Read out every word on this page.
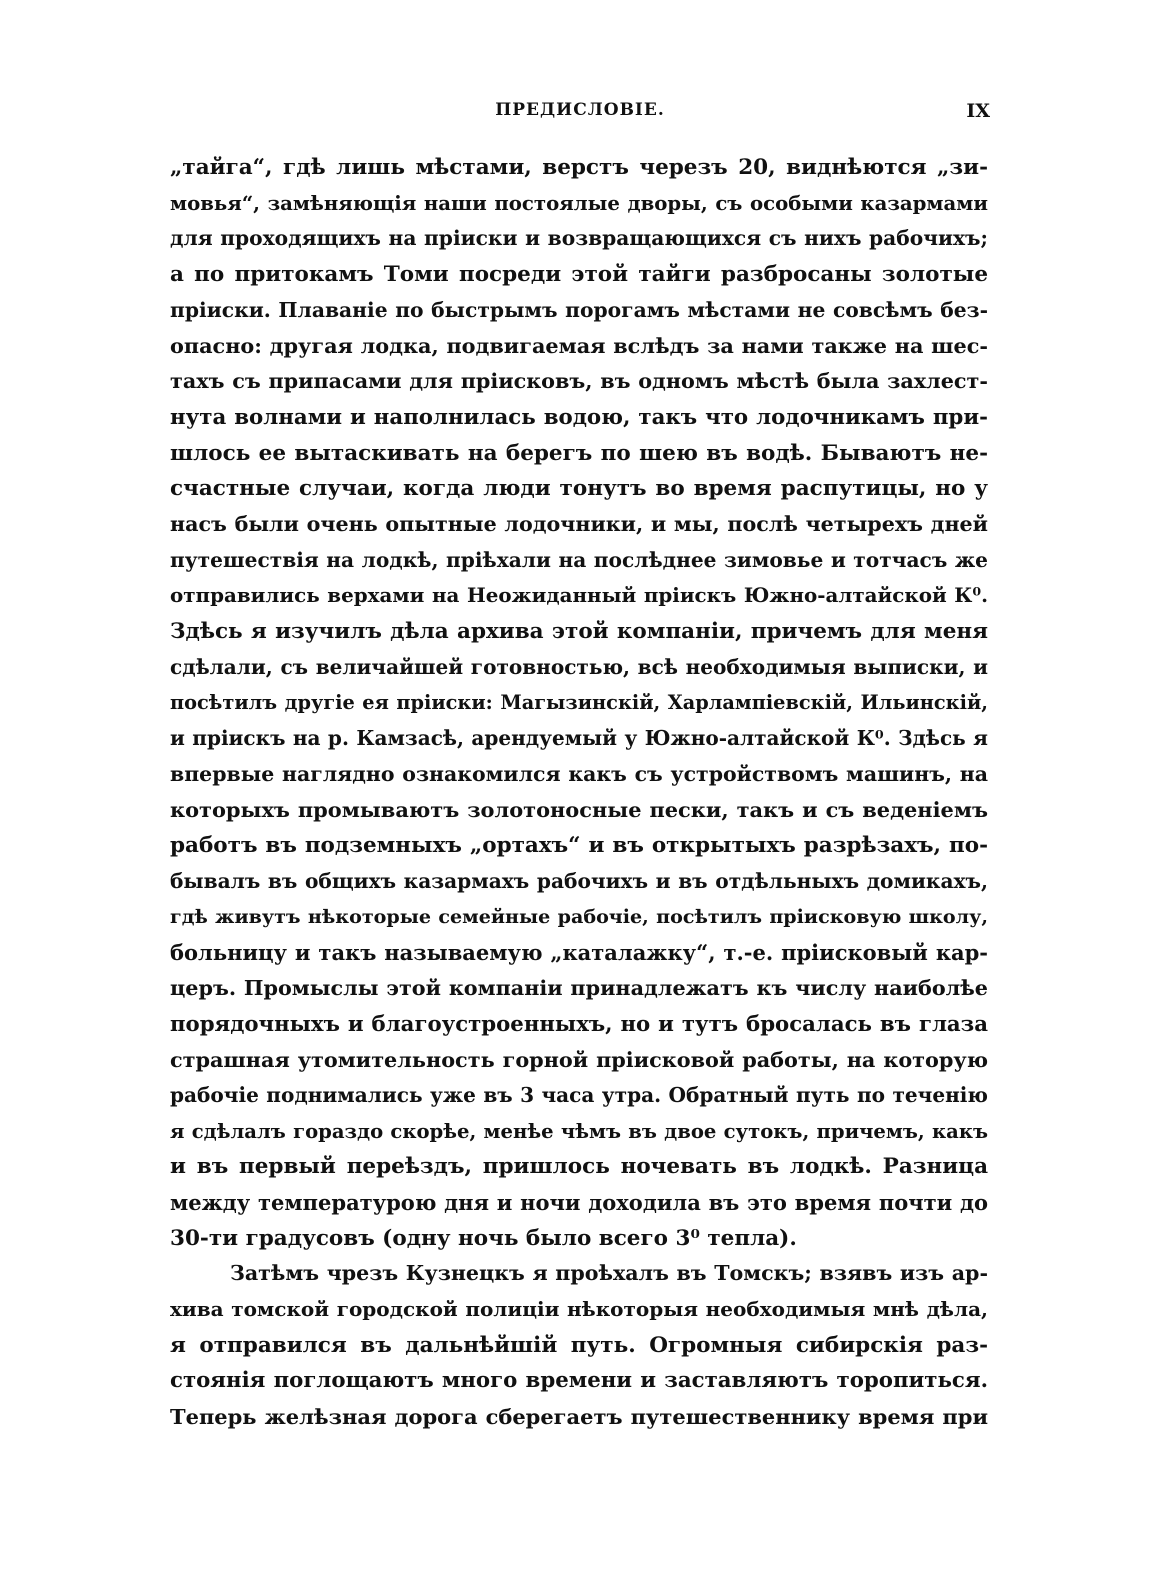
ПРЕДИСЛОВІЕ.	IX
„тайга“, гдѣ лишь мѣстами, верстъ черезъ 20, виднѣются „зи-
мовья“, замѣняющія наши постоялые дворы, съ особыми казармами
для проходящихъ на пріиски и возвращающихся съ нихъ рабочихъ;
а по притокамъ Томи посреди этой тайги разбросаны золотые
пріиски. Плаваніе по быстрымъ порогамъ мѣстами не совсѣмъ без-
опасно: другая лодка, подвигаемая вслѣдъ за нами также на шес-
тахъ съ припасами для пріисковъ, въ одномъ мѣстѣ была захлест-
нута волнами и наполнилась водою, такъ что лодочникамъ при-
шлось ее вытаскивать на берегъ по шею въ водѣ. Бываютъ не-
счастные случаи, когда люди тонутъ во время распутицы, но у
насъ были очень опытные лодочники, и мы, послѣ четырехъ дней
путешествія на лодкѣ, пріѣхали на послѣднее зимовье и тотчасъ же
отправились верхами на Неожиданный пріискъ Южно-алтайской К⁰.
Здѣсь я изучилъ дѣла архива этой компаніи, причемъ для меня
сдѣлали, съ величайшей готовностью, всѣ необходимыя выписки, и
посѣтилъ другіе ея пріиски: Магызинскій, Харлампіевскій, Ильинскій,
и пріискъ на р. Камзасѣ, арендуемый у Южно-алтайской К⁰. Здѣсь я
впервые наглядно ознакомился какъ съ устройствомъ машинъ, на
которыхъ промываютъ золотоносные пески, такъ и съ веденіемъ
работъ въ подземныхъ „ортахъ“ и въ открытыхъ разрѣзахъ, по-
бывалъ въ общихъ казармахъ рабочихъ и въ отдѣльныхъ домикахъ,
гдѣ живутъ нѣкоторые семейные рабочіе, посѣтилъ пріисковую школу,
больницу и такъ называемую „каталажку“, т.-е. пріисковый кар-
церъ. Промыслы этой компаніи принадлежатъ къ числу наиболѣе
порядочныхъ и благоустроенныхъ, но и тутъ бросалась въ глаза
страшная утомительность горной пріисковой работы, на которую
рабочіе поднимались уже въ 3 часа утра. Обратный путь по теченію
я сдѣлалъ гораздо скорѣе, менѣе чѣмъ въ двое сутокъ, причемъ, какъ
и въ первый переѣздъ, пришлось ночевать въ лодкѣ. Разница
между температурою дня и ночи доходила въ это время почти до
30-ти градусовъ (одну ночь было всего 3⁰ тепла).
Затѣмъ чрезъ Кузнецкъ я проѣхалъ въ Томскъ; взявъ изъ ар-
хива томской городской полиціи нѣкоторыя необходимыя мнѣ дѣла,
я отправился въ дальнѣйшій путь. Огромныя сибирскія раз-
стоянія поглощаютъ много времени и заставляютъ торопиться.
Теперь желѣзная дорога сберегаетъ путешественнику время при
